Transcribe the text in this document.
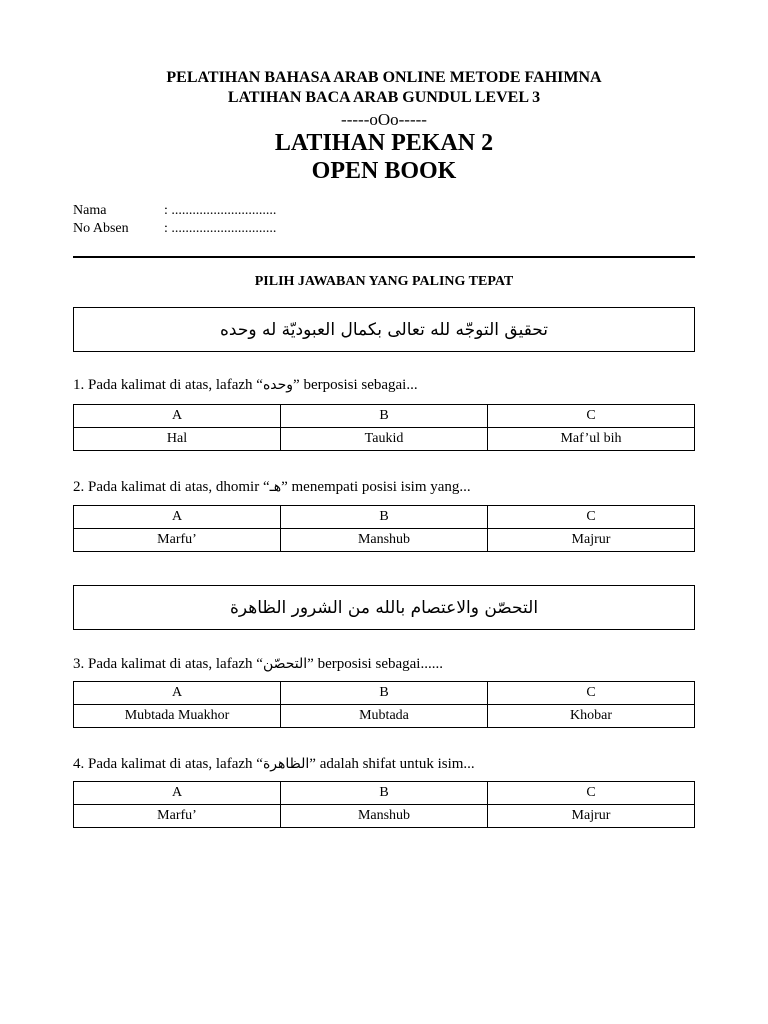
PELATIHAN BAHASA ARAB ONLINE METODE FAHIMNA
LATIHAN BACA ARAB GUNDUL LEVEL 3
-----oOo-----
LATIHAN PEKAN 2
OPEN BOOK
Nama	: ..............................
No Absen	: ..............................
PILIH JAWABAN YANG PALING TEPAT
تحقيق التوجّه لله تعالى بكمال العبوديّة له وحده
1. Pada kalimat di atas, lafazh “وحده” berposisi sebagai...
A	B	C
Hal	Taukid	Maf’ul bih
2. Pada kalimat di atas, dhomir “هـ” menempati posisi isim yang...
A	B	C
Marfu’	Manshub	Majrur
التحصّن والاعتصام بالله من الشرور الظاهرة
3. Pada kalimat di atas, lafazh “التحصّن” berposisi sebagai......
A	B	C
Mubtada Muakhor	Mubtada	Khobar
4. Pada kalimat di atas, lafazh “الظاهرة” adalah shifat untuk isim...
A	B	C
Marfu’	Manshub	Majrur
